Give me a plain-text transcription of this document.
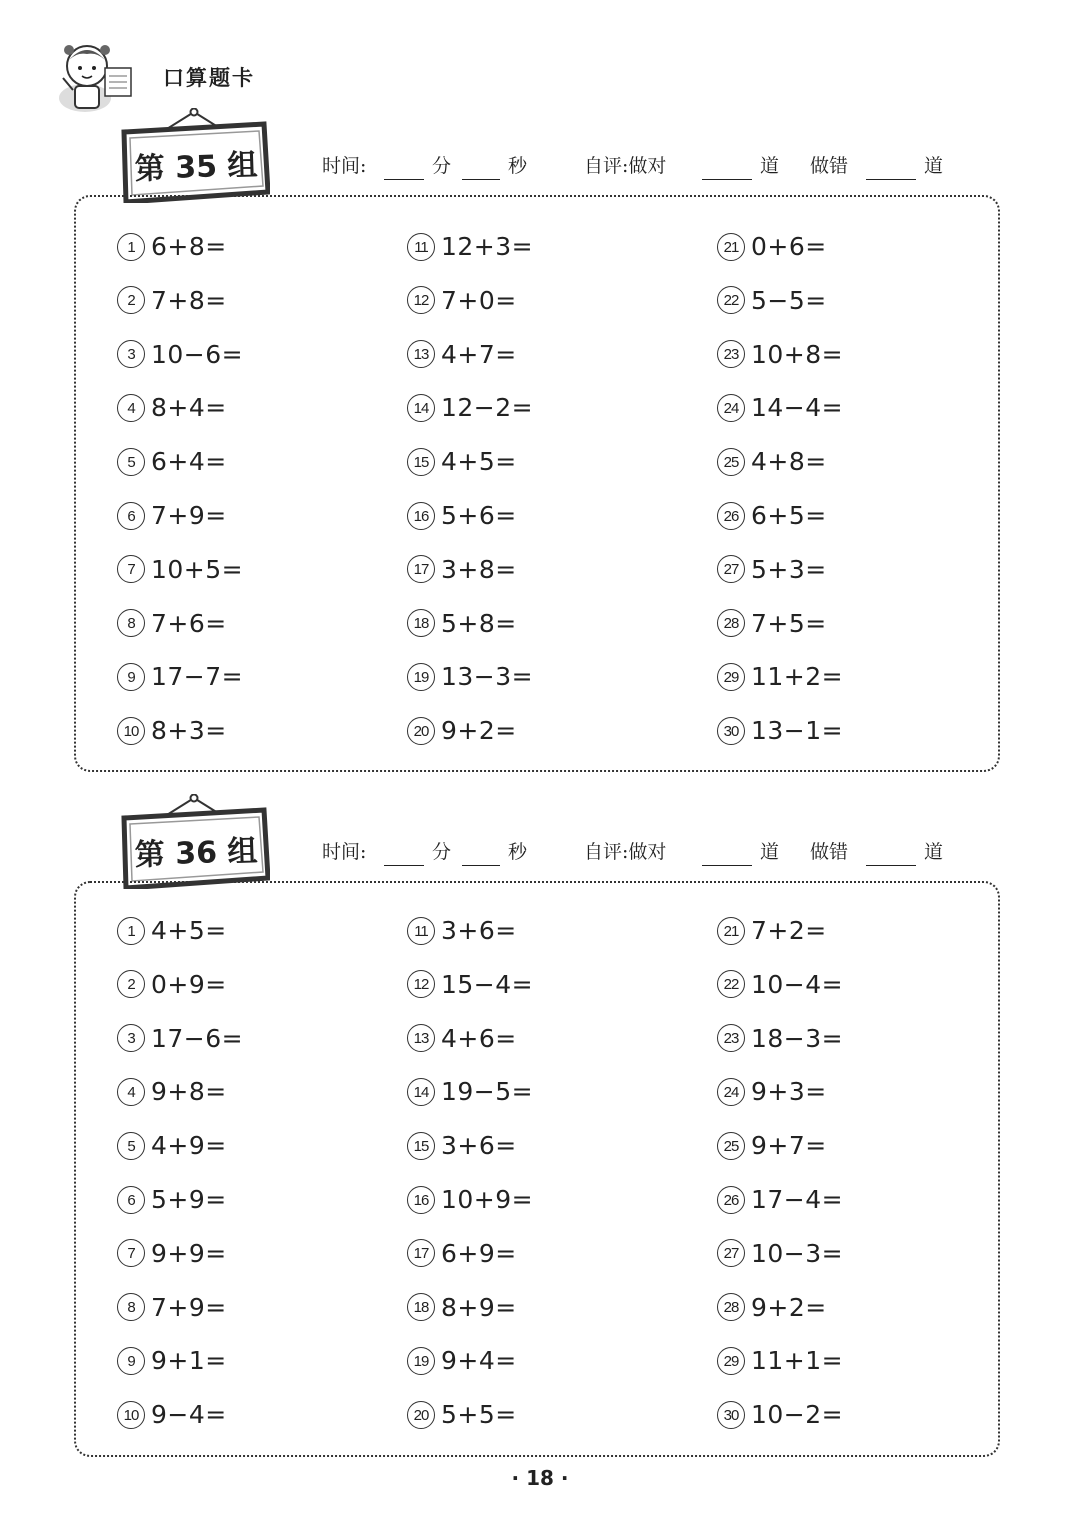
口算题卡
第 35 组	时间:	分	秒	自评:做对	道 做错	道
1 6+8=
2 7+8=
3 10−6=
4 8+4=
5 6+4=
6 7+9=
7 10+5=
8 7+6=
9 17−7=
10 8+3=
11 12+3=
12 7+0=
13 4+7=
14 12−2=
15 4+5=
16 5+6=
17 3+8=
18 5+8=
19 13−3=
20 9+2=
21 0+6=
22 5−5=
23 10+8=
24 14−4=
25 4+8=
26 6+5=
27 5+3=
28 7+5=
29 11+2=
30 13−1=
第 36 组	时间:	分	秒	自评:做对	道 做错	道
1 4+5=
2 0+9=
3 17−6=
4 9+8=
5 4+9=
6 5+9=
7 9+9=
8 7+9=
9 9+1=
10 9−4=
11 3+6=
12 15−4=
13 4+6=
14 19−5=
15 3+6=
16 10+9=
17 6+9=
18 8+9=
19 9+4=
20 5+5=
21 7+2=
22 10−4=
23 18−3=
24 9+3=
25 9+7=
26 17−4=
27 10−3=
28 9+2=
29 11+1=
30 10−2=
· 18 ·
